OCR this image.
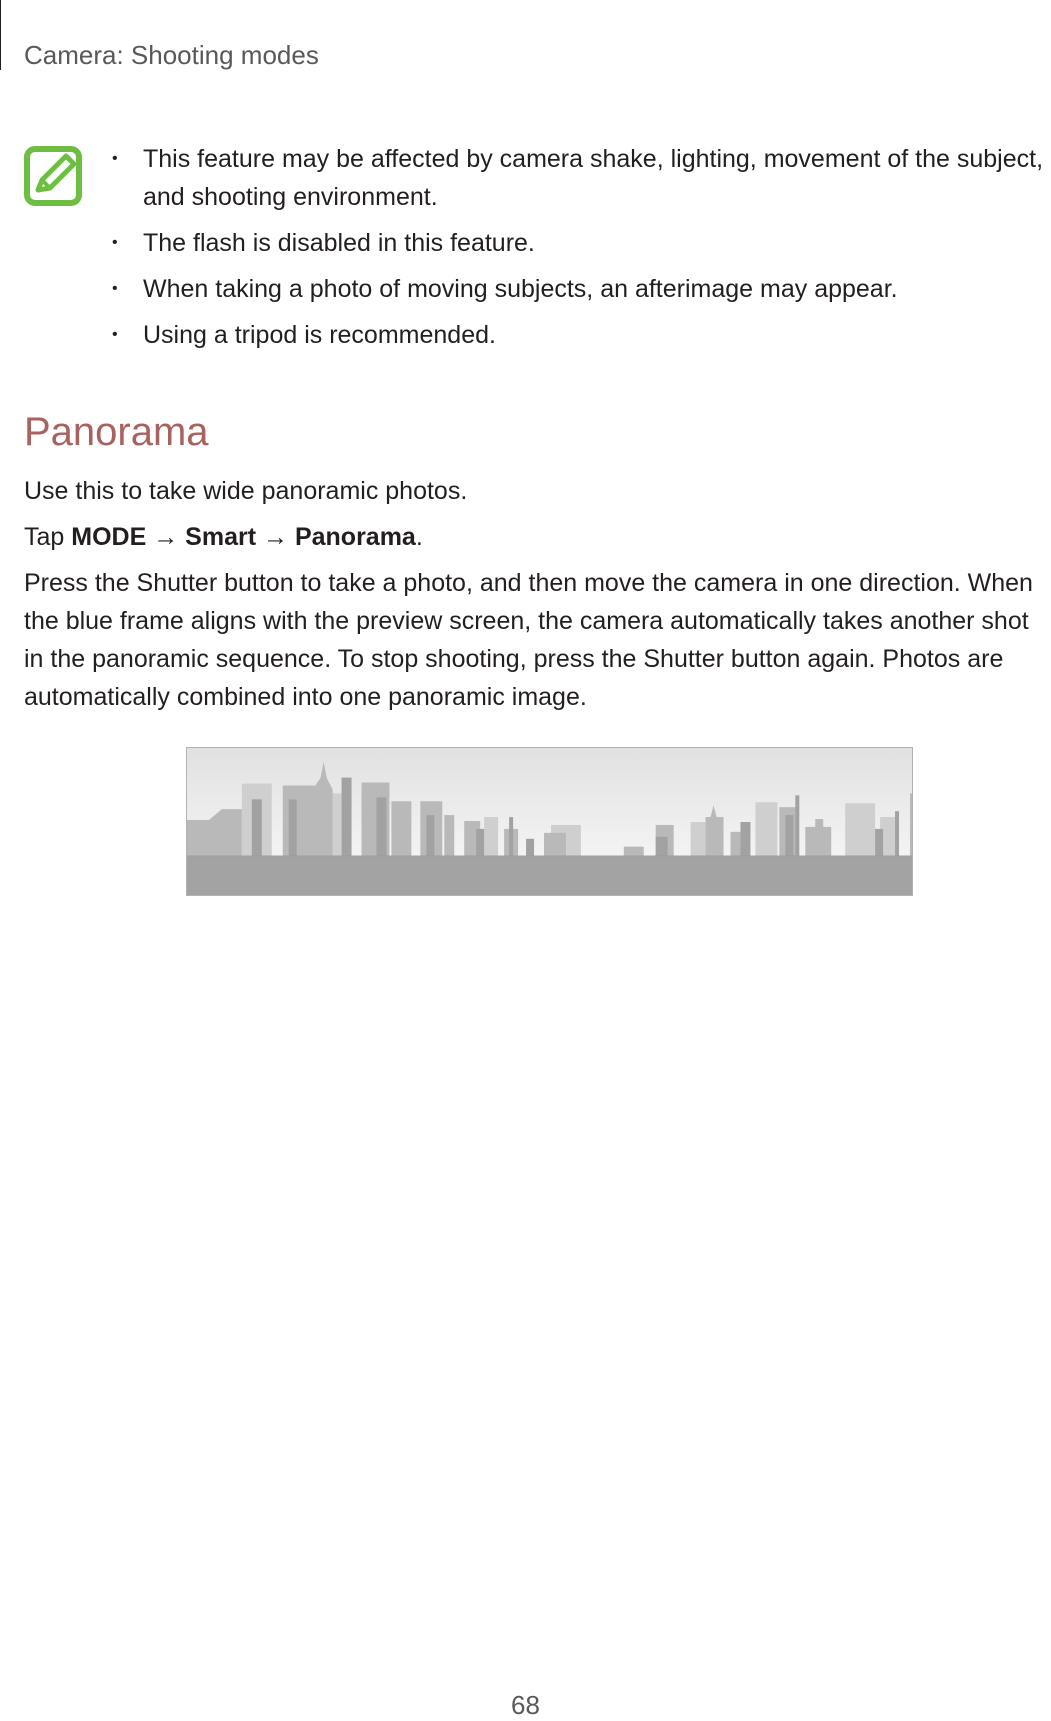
Camera: Shooting modes
• This feature may be affected by camera shake, lighting, movement of the subject, and shooting environment.
• The flash is disabled in this feature.
• When taking a photo of moving subjects, an afterimage may appear.
• Using a tripod is recommended.
Panorama

Use this to take wide panoramic photos.

Tap MODE → Smart → Panorama.

Press the Shutter button to take a photo, and then move the camera in one direction. When the blue frame aligns with the preview screen, the camera automatically takes another shot in the panoramic sequence. To stop shooting, press the Shutter button again. Photos are automatically combined into one panoramic image.

68
